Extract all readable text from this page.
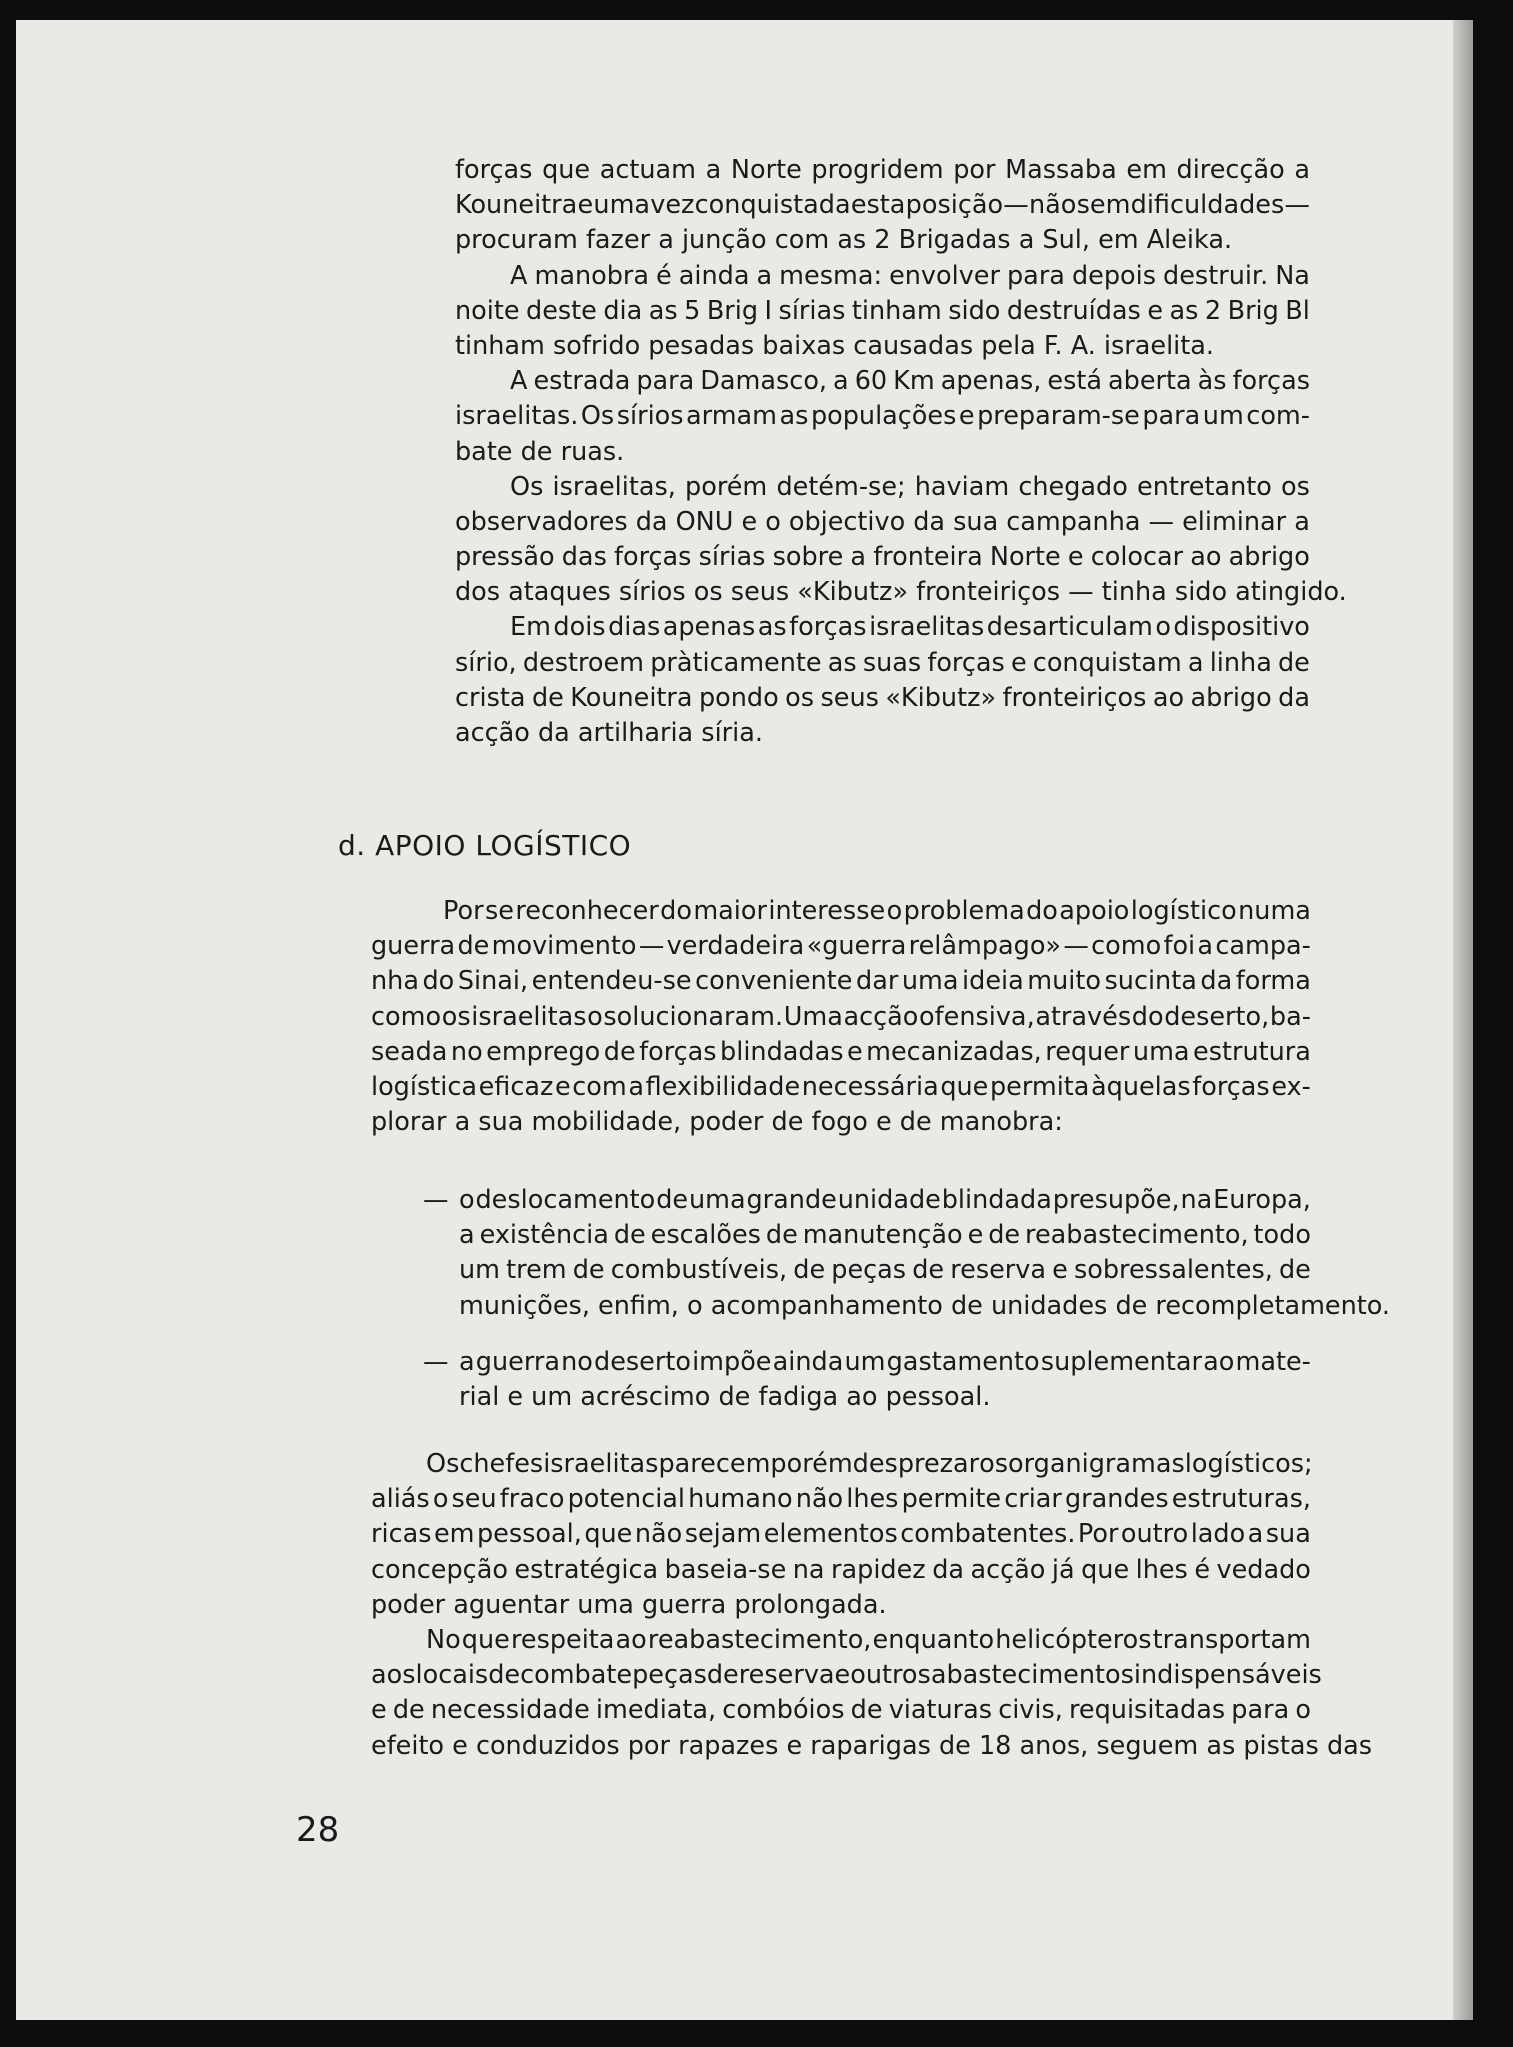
forças que actuam a Norte progridem por Massaba em direcção a
Kouneitra e uma vez conquistada esta posição — não sem dificuldades —
procuram fazer a junção com as 2 Brigadas a Sul, em Aleika.
A manobra é ainda a mesma: envolver para depois destruir. Na
noite deste dia as 5 Brig I sírias tinham sido destruídas e as 2 Brig Bl
tinham sofrido pesadas baixas causadas pela F. A. israelita.
A estrada para Damasco, a 60 Km apenas, está aberta às forças
israelitas. Os sírios armam as populações e preparam-se para um com-
bate de ruas.
Os israelitas, porém detém-se; haviam chegado entretanto os
observadores da ONU e o objectivo da sua campanha — eliminar a
pressão das forças sírias sobre a fronteira Norte e colocar ao abrigo
dos ataques sírios os seus «Kibutz» fronteiriços — tinha sido atingido.
Em dois dias apenas as forças israelitas desarticulam o dispositivo
sírio, destroem pràticamente as suas forças e conquistam a linha de
crista de Kouneitra pondo os seus «Kibutz» fronteiriços ao abrigo da
acção da artilharia síria.
d. APOIO LOGÍSTICO
Por se reconhecer do maior interesse o problema do apoio logístico numa
guerra de movimento — verdadeira «guerra relâmpago» — como foi a campa-
nha do Sinai, entendeu-se conveniente dar uma ideia muito sucinta da forma
como os israelitas o solucionaram. Uma acção ofensiva, através do deserto, ba-
seada no emprego de forças blindadas e mecanizadas, requer uma estrutura
logística eficaz e com a flexibilidade necessária que permita àquelas forças ex-
plorar a sua mobilidade, poder de fogo e de manobra:
— o deslocamento de uma grande unidade blindada presupõe, na Europa,
a existência de escalões de manutenção e de reabastecimento, todo
um trem de combustíveis, de peças de reserva e sobressalentes, de
munições, enfim, o acompanhamento de unidades de recompletamento.
— a guerra no deserto impõe ainda um gastamento suplementar ao mate-
rial e um acréscimo de fadiga ao pessoal.
Os chefes israelitas parecem porém desprezar os organigramas logísticos;
aliás o seu fraco potencial humano não lhes permite criar grandes estruturas,
ricas em pessoal, que não sejam elementos combatentes. Por outro lado a sua
concepção estratégica baseia-se na rapidez da acção já que lhes é vedado
poder aguentar uma guerra prolongada.
No que respeita ao reabastecimento, enquanto helicópteros transportam
aos locais de combate peças de reserva e outros abastecimentos indispensáveis
e de necessidade imediata, combóios de viaturas civis, requisitadas para o
efeito e conduzidos por rapazes e raparigas de 18 anos, seguem as pistas das
28
